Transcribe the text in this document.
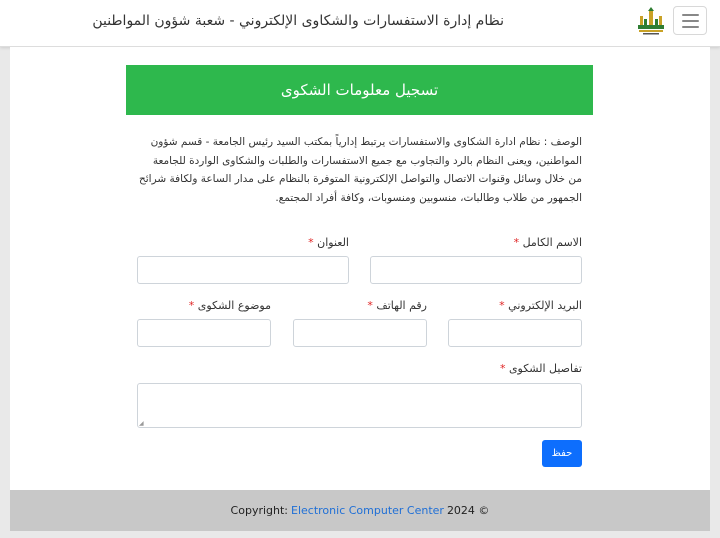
نظام إدارة الاستفسارات والشكاوى الإلكتروني - شعبة شؤون المواطنين
تسجيل معلومات الشكوى

الوصف : نظام ادارة الشكاوى والاستفسارات يرتبط إدارياً بمكتب السيد رئيس الجامعة - قسم شؤون المواطنين، ويعنى النظام بالرد والتجاوب مع جميع الاستفسارات والطلبات والشكاوى الواردة للجامعة من خلال وسائل وقنوات الاتصال والتواصل الإلكترونية المتوفرة بالنظام على مدار الساعة ولكافة شرائح الجمهور من طلاب وطالبات، منسوبين ومنسوبات، وكافة أفراد المجتمع.

الاسم الكامل *
العنوان *
البريد الإلكتروني *
رقم الهاتف *
موضوع الشكوى *
تفاصيل الشكوى *
◢
حفظ
Copyright: Electronic Computer Center 2024 ©
